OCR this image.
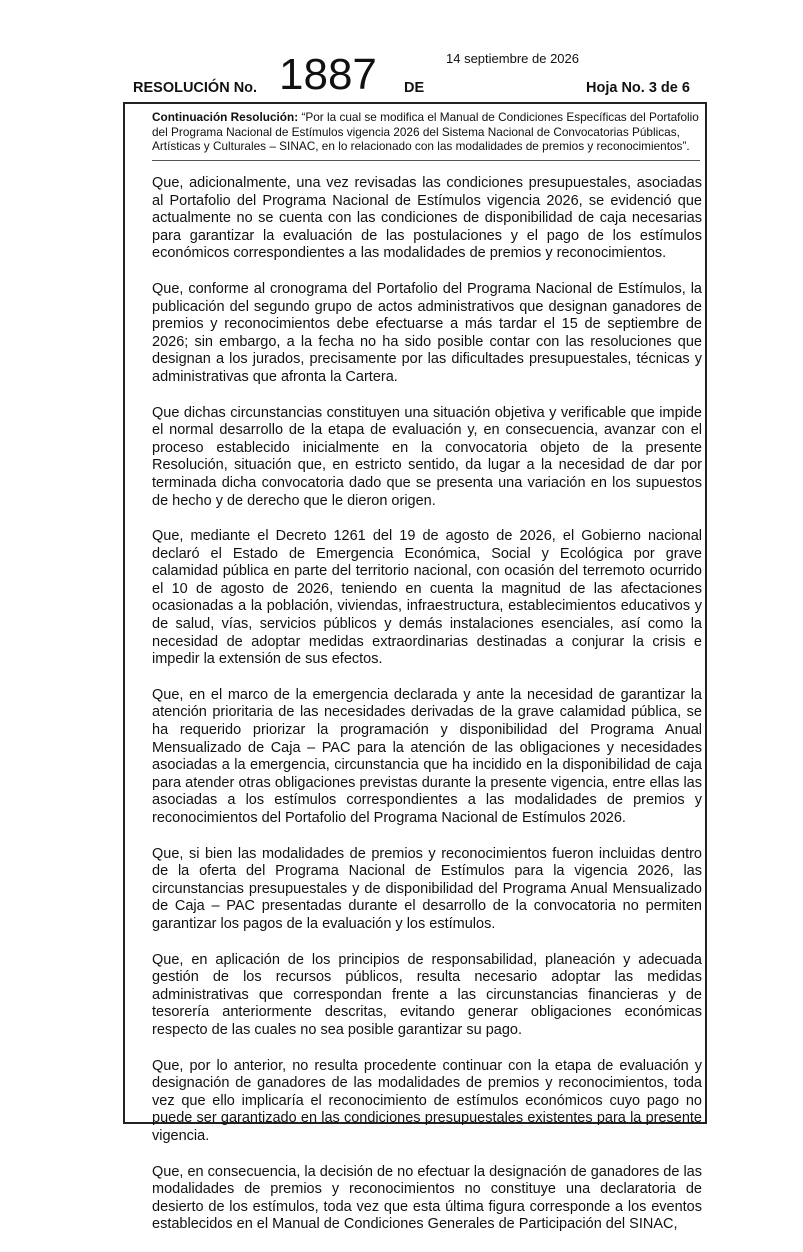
RESOLUCIÓN No. 1887 DE
14 septiembre de 2026
Hoja No. 3 de 6
Continuación Resolución: “Por la cual se modifica el Manual de Condiciones Específicas del Portafolio del Programa Nacional de Estímulos vigencia 2026 del Sistema Nacional de Convocatorias Públicas, Artísticas y Culturales – SINAC, en lo relacionado con las modalidades de premios y reconocimientos”.

Que, adicionalmente, una vez revisadas las condiciones presupuestales, asociadas al Portafolio del Programa Nacional de Estímulos vigencia 2026, se evidenció que actualmente no se cuenta con las condiciones de disponibilidad de caja necesarias para garantizar la evaluación de las postulaciones y el pago de los estímulos económicos correspondientes a las modalidades de premios y reconocimientos.

Que, conforme al cronograma del Portafolio del Programa Nacional de Estímulos, la publicación del segundo grupo de actos administrativos que designan ganadores de premios y reconocimientos debe efectuarse a más tardar el 15 de septiembre de 2026; sin embargo, a la fecha no ha sido posible contar con las resoluciones que designan a los jurados, precisamente por las dificultades presupuestales, técnicas y administrativas que afronta la Cartera.

Que dichas circunstancias constituyen una situación objetiva y verificable que impide el normal desarrollo de la etapa de evaluación y, en consecuencia, avanzar con el proceso establecido inicialmente en la convocatoria objeto de la presente Resolución, situación que, en estricto sentido, da lugar a la necesidad de dar por terminada dicha convocatoria dado que se presenta una variación en los supuestos de hecho y de derecho que le dieron origen.

Que, mediante el Decreto 1261 del 19 de agosto de 2026, el Gobierno nacional declaró el Estado de Emergencia Económica, Social y Ecológica por grave calamidad pública en parte del territorio nacional, con ocasión del terremoto ocurrido el 10 de agosto de 2026, teniendo en cuenta la magnitud de las afectaciones ocasionadas a la población, viviendas, infraestructura, establecimientos educativos y de salud, vías, servicios públicos y demás instalaciones esenciales, así como la necesidad de adoptar medidas extraordinarias destinadas a conjurar la crisis e impedir la extensión de sus efectos.

Que, en el marco de la emergencia declarada y ante la necesidad de garantizar la atención prioritaria de las necesidades derivadas de la grave calamidad pública, se ha requerido priorizar la programación y disponibilidad del Programa Anual Mensualizado de Caja – PAC para la atención de las obligaciones y necesidades asociadas a la emergencia, circunstancia que ha incidido en la disponibilidad de caja para atender otras obligaciones previstas durante la presente vigencia, entre ellas las asociadas a los estímulos correspondientes a las modalidades de premios y reconocimientos del Portafolio del Programa Nacional de Estímulos 2026.

Que, si bien las modalidades de premios y reconocimientos fueron incluidas dentro de la oferta del Programa Nacional de Estímulos para la vigencia 2026, las circunstancias presupuestales y de disponibilidad del Programa Anual Mensualizado de Caja – PAC presentadas durante el desarrollo de la convocatoria no permiten garantizar los pagos de la evaluación y los estímulos.

Que, en aplicación de los principios de responsabilidad, planeación y adecuada gestión de los recursos públicos, resulta necesario adoptar las medidas administrativas que correspondan frente a las circunstancias financieras y de tesorería anteriormente descritas, evitando generar obligaciones económicas respecto de las cuales no sea posible garantizar su pago.

Que, por lo anterior, no resulta procedente continuar con la etapa de evaluación y designación de ganadores de las modalidades de premios y reconocimientos, toda vez que ello implicaría el reconocimiento de estímulos económicos cuyo pago no puede ser garantizado en las condiciones presupuestales existentes para la presente vigencia.

Que, en consecuencia, la decisión de no efectuar la designación de ganadores de las modalidades de premios y reconocimientos no constituye una declaratoria de desierto de los estímulos, toda vez que esta última figura corresponde a los eventos establecidos en el Manual de Condiciones Generales de Participación del SINAC,
